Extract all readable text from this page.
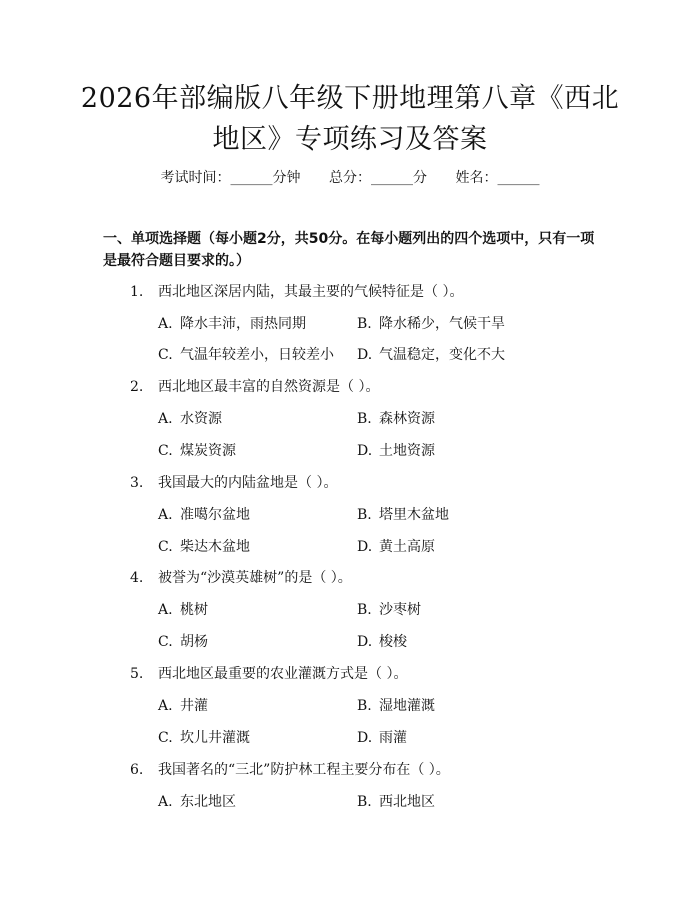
2026年部编版八年级下册地理第八章《西北
地区》专项练习及答案
考试时间：______分钟 总分：______分 姓名：______
一、单项选择题（每小题2分，共50分。在每小题列出的四个选项中，只有一项是最符合题目要求的。）
1. 西北地区深居内陆，其最主要的气候特征是（ ）。
A. 降水丰沛，雨热同期	B. 降水稀少，气候干旱
C. 气温年较差小，日较差小 D. 气温稳定，变化不大
2. 西北地区最丰富的自然资源是（ ）。
A. 水资源	B. 森林资源
C. 煤炭资源	D. 土地资源
3. 我国最大的内陆盆地是（ ）。
A. 准噶尔盆地	B. 塔里木盆地
C. 柴达木盆地	D. 黄土高原
4. 被誉为“沙漠英雄树”的是（ ）。
A. 桃树	B. 沙枣树
C. 胡杨	D. 梭梭
5. 西北地区最重要的农业灌溉方式是（ ）。
A. 井灌	B. 湿地灌溉
C. 坎儿井灌溉	D. 雨灌
6. 我国著名的“三北”防护林工程主要分布在（ ）。
A. 东北地区	B. 西北地区
